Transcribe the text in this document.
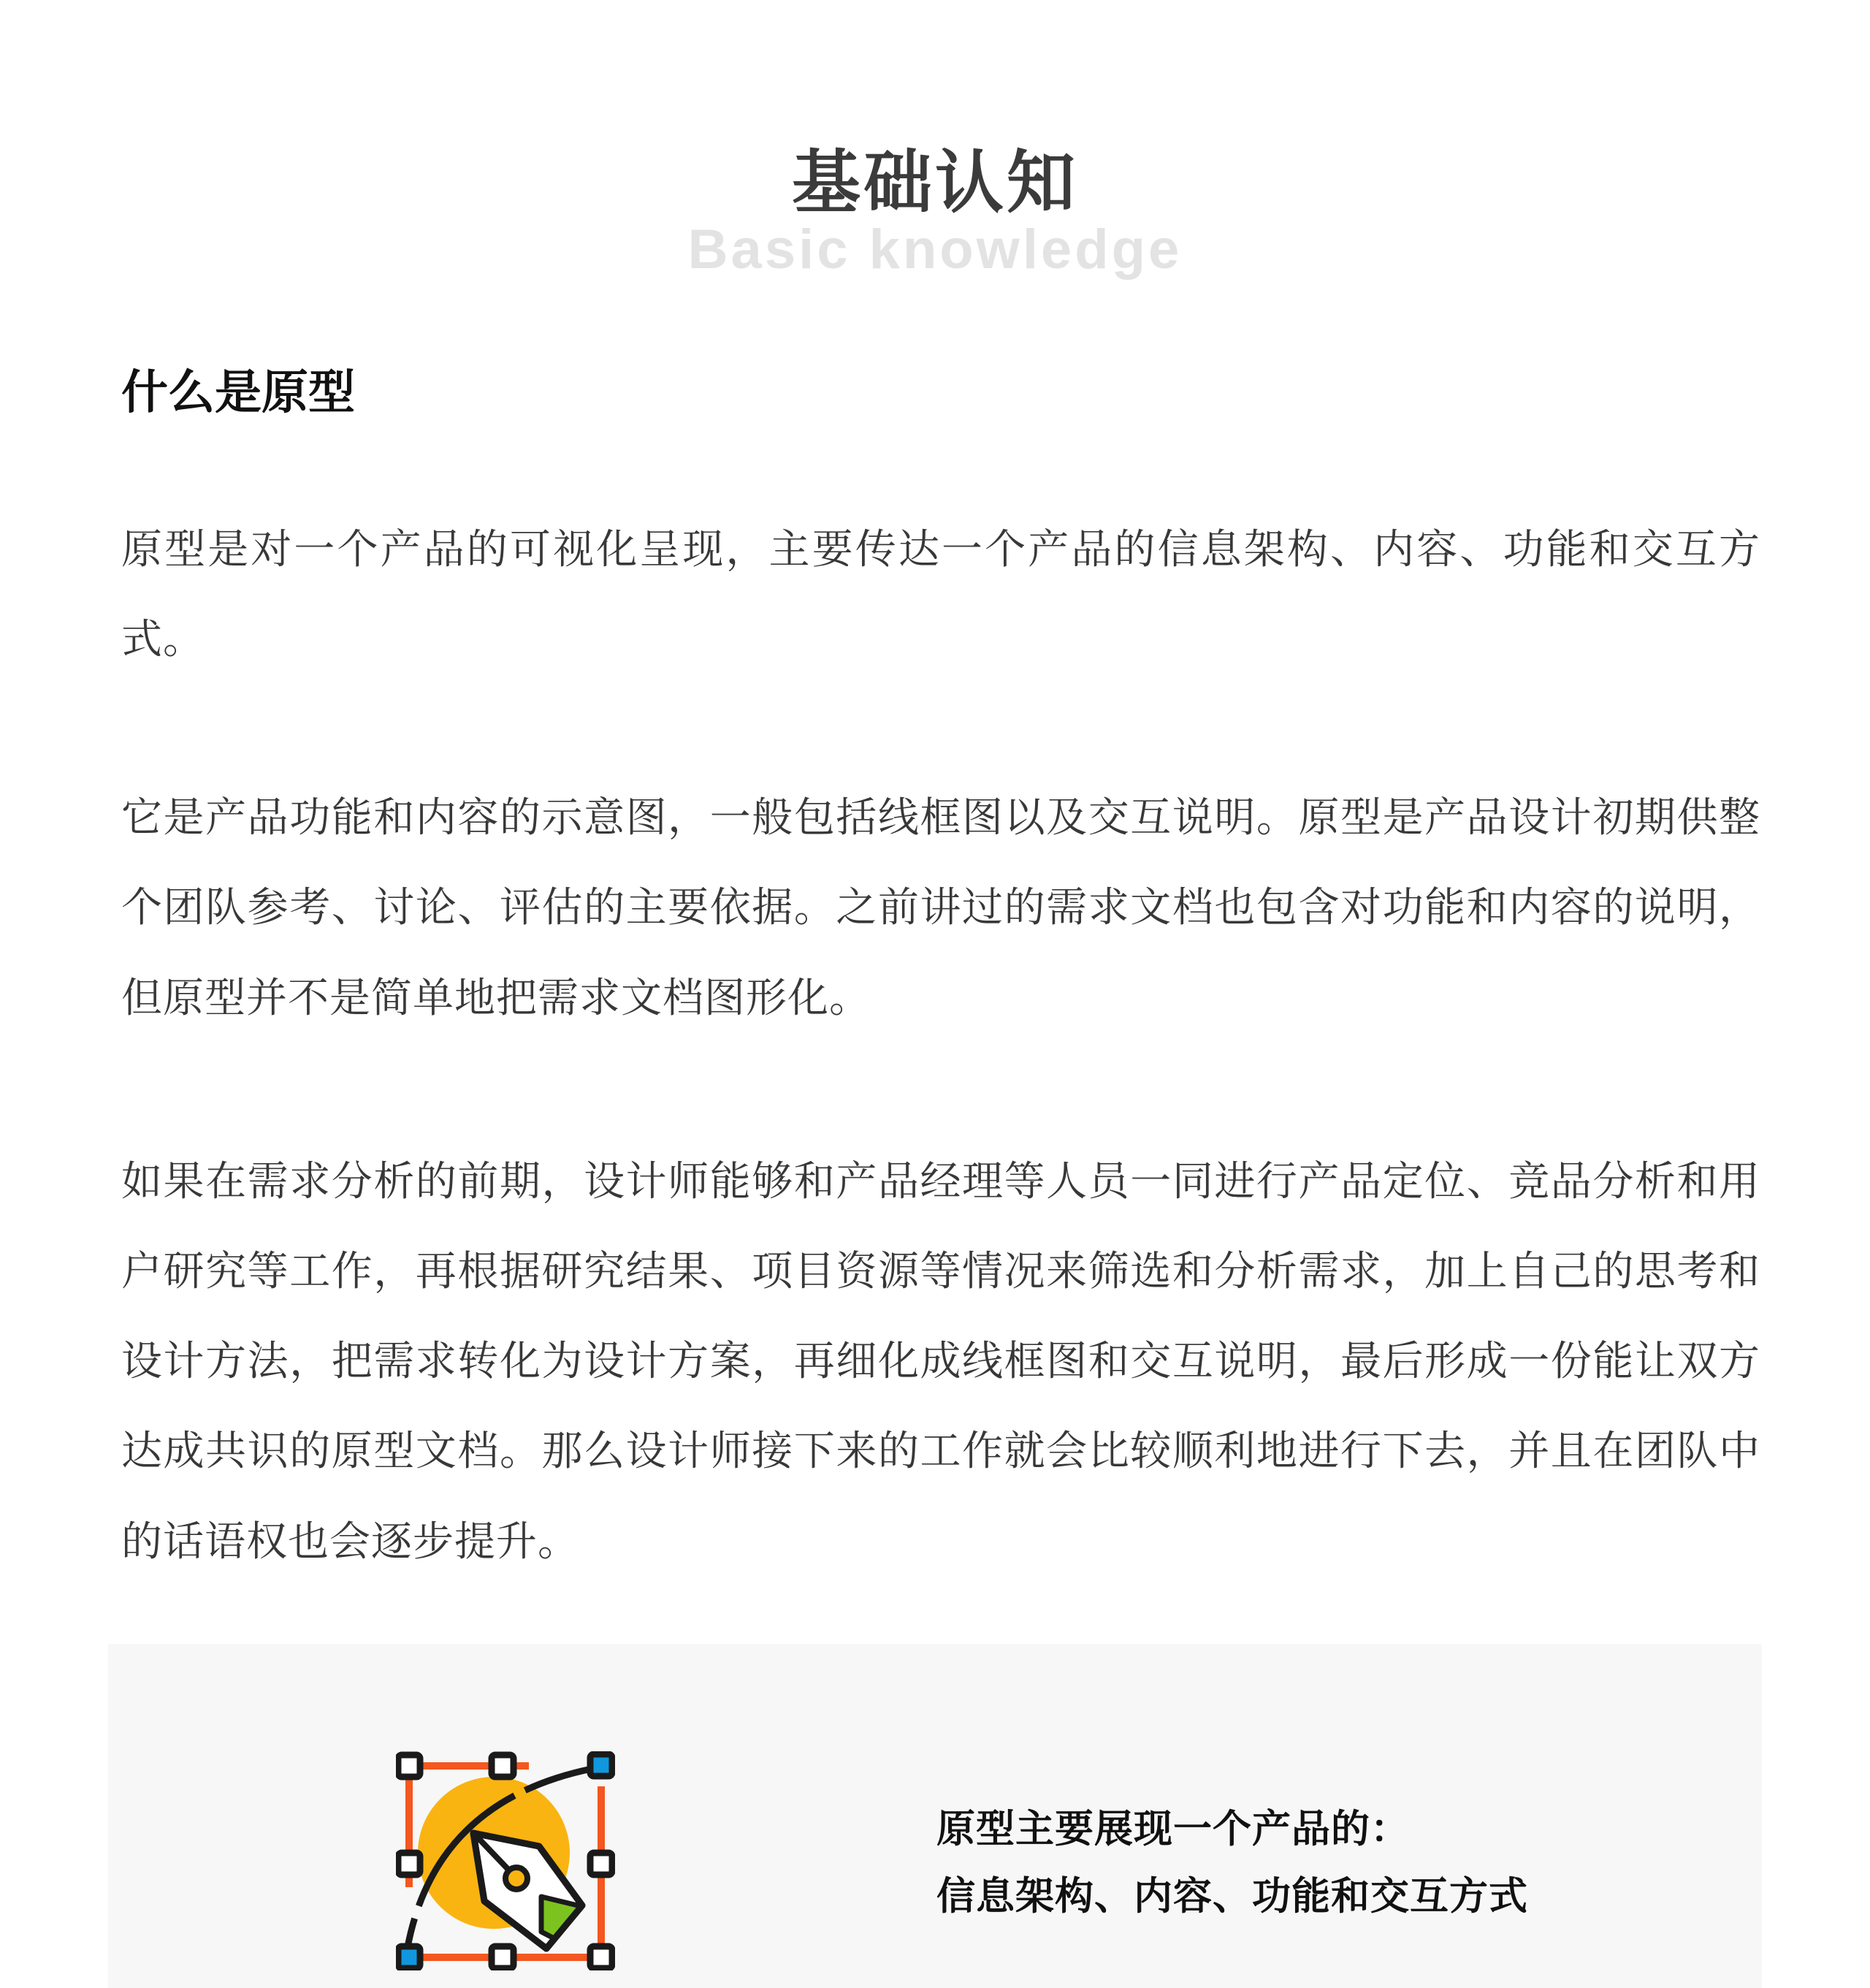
基础认知
Basic knowledge
什么是原型

原型是对一个产品的可视化呈现，主要传达一个产品的信息架构、内容、功能和交互方式。

它是产品功能和内容的示意图，一般包括线框图以及交互说明。原型是产品设计初期供整个团队参考、讨论、评估的主要依据。之前讲过的需求文档也包含对功能和内容的说明，但原型并不是简单地把需求文档图形化。

如果在需求分析的前期，设计师能够和产品经理等人员一同进行产品定位、竞品分析和用户研究等工作，再根据研究结果、项目资源等情况来筛选和分析需求，加上自己的思考和设计方法，把需求转化为设计方案，再细化成线框图和交互说明，最后形成一份能让双方达成共识的原型文档。那么设计师接下来的工作就会比较顺利地进行下去，并且在团队中的话语权也会逐步提升。

原型主要展现一个产品的：
信息架构、内容、功能和交互方式
